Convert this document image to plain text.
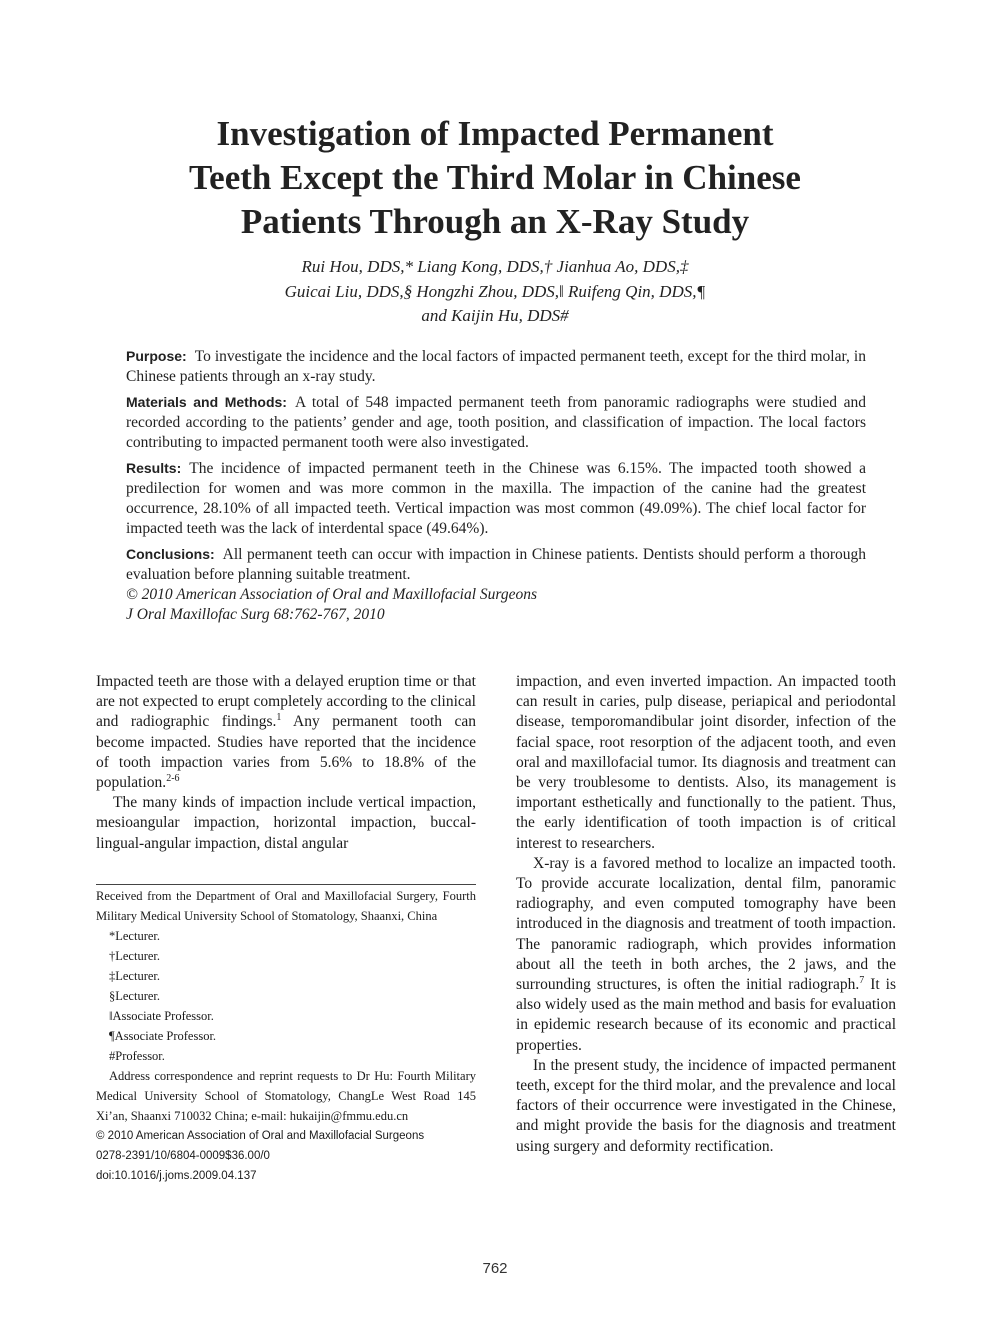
Investigation of Impacted Permanent
Teeth Except the Third Molar in Chinese
Patients Through an X-Ray Study
Rui Hou, DDS,* Liang Kong, DDS,† Jianhua Ao, DDS,‡
Guicai Liu, DDS,§ Hongzhi Zhou, DDS,‖ Ruifeng Qin, DDS,¶
and Kaijin Hu, DDS#

Purpose: To investigate the incidence and the local factors of impacted permanent teeth, except for the third molar, in Chinese patients through an x-ray study.

Materials and Methods: A total of 548 impacted permanent teeth from panoramic radiographs were studied and recorded according to the patients’ gender and age, tooth position, and classification of impaction. The local factors contributing to impacted permanent tooth were also investigated.

Results: The incidence of impacted permanent teeth in the Chinese was 6.15%. The impacted tooth showed a predilection for women and was more common in the maxilla. The impaction of the canine had the greatest occurrence, 28.10% of all impacted teeth. Vertical impaction was most common (49.09%). The chief local factor for impacted teeth was the lack of interdental space (49.64%).

Conclusions: All permanent teeth can occur with impaction in Chinese patients. Dentists should perform a thorough evaluation before planning suitable treatment.

© 2010 American Association of Oral and Maxillofacial Surgeons
J Oral Maxillofac Surg 68:762-767, 2010

Impacted teeth are those with a delayed eruption time or that are not expected to erupt completely according to the clinical and radiographic findings.$^1$ Any permanent tooth can become impacted. Studies have reported that the incidence of tooth impaction varies from 5.6% to 18.8% of the population.$^{2-6}$

The many kinds of impaction include vertical impaction, mesioangular impaction, horizontal impaction, buccal-lingual-angular impaction, distal angular

Received from the Department of Oral and Maxillofacial Surgery, Fourth Military Medical University School of Stomatology, Shaanxi, China

*Lecturer.

†Lecturer.

‡Lecturer.

§Lecturer.

‖Associate Professor.

¶Associate Professor.

#Professor.

Address correspondence and reprint requests to Dr Hu: Fourth Military Medical University School of Stomatology, ChangLe West Road 145 Xi’an, Shaanxi 710032 China; e-mail: hukaijin@fmmu.edu.cn

© 2010 American Association of Oral and Maxillofacial Surgeons

0278-2391/10/6804-0009$36.00/0

doi:10.1016/j.joms.2009.04.137

impaction, and even inverted impaction. An impacted tooth can result in caries, pulp disease, periapical and periodontal disease, temporomandibular joint disorder, infection of the facial space, root resorption of the adjacent tooth, and even oral and maxillofacial tumor. Its diagnosis and treatment can be very troublesome to dentists. Also, its management is important esthetically and functionally to the patient. Thus, the early identification of tooth impaction is of critical interest to researchers.

X-ray is a favored method to localize an impacted tooth. To provide accurate localization, dental film, panoramic radiography, and even computed tomography have been introduced in the diagnosis and treatment of tooth impaction. The panoramic radiograph, which provides information about all the teeth in both arches, the 2 jaws, and the surrounding structures, is often the initial radiograph.$^7$ It is also widely used as the main method and basis for evaluation in epidemic research because of its economic and practical properties.

In the present study, the incidence of impacted permanent teeth, except for the third molar, and the prevalence and local factors of their occurrence were investigated in the Chinese, and might provide the basis for the diagnosis and treatment using surgery and deformity rectification.

762
